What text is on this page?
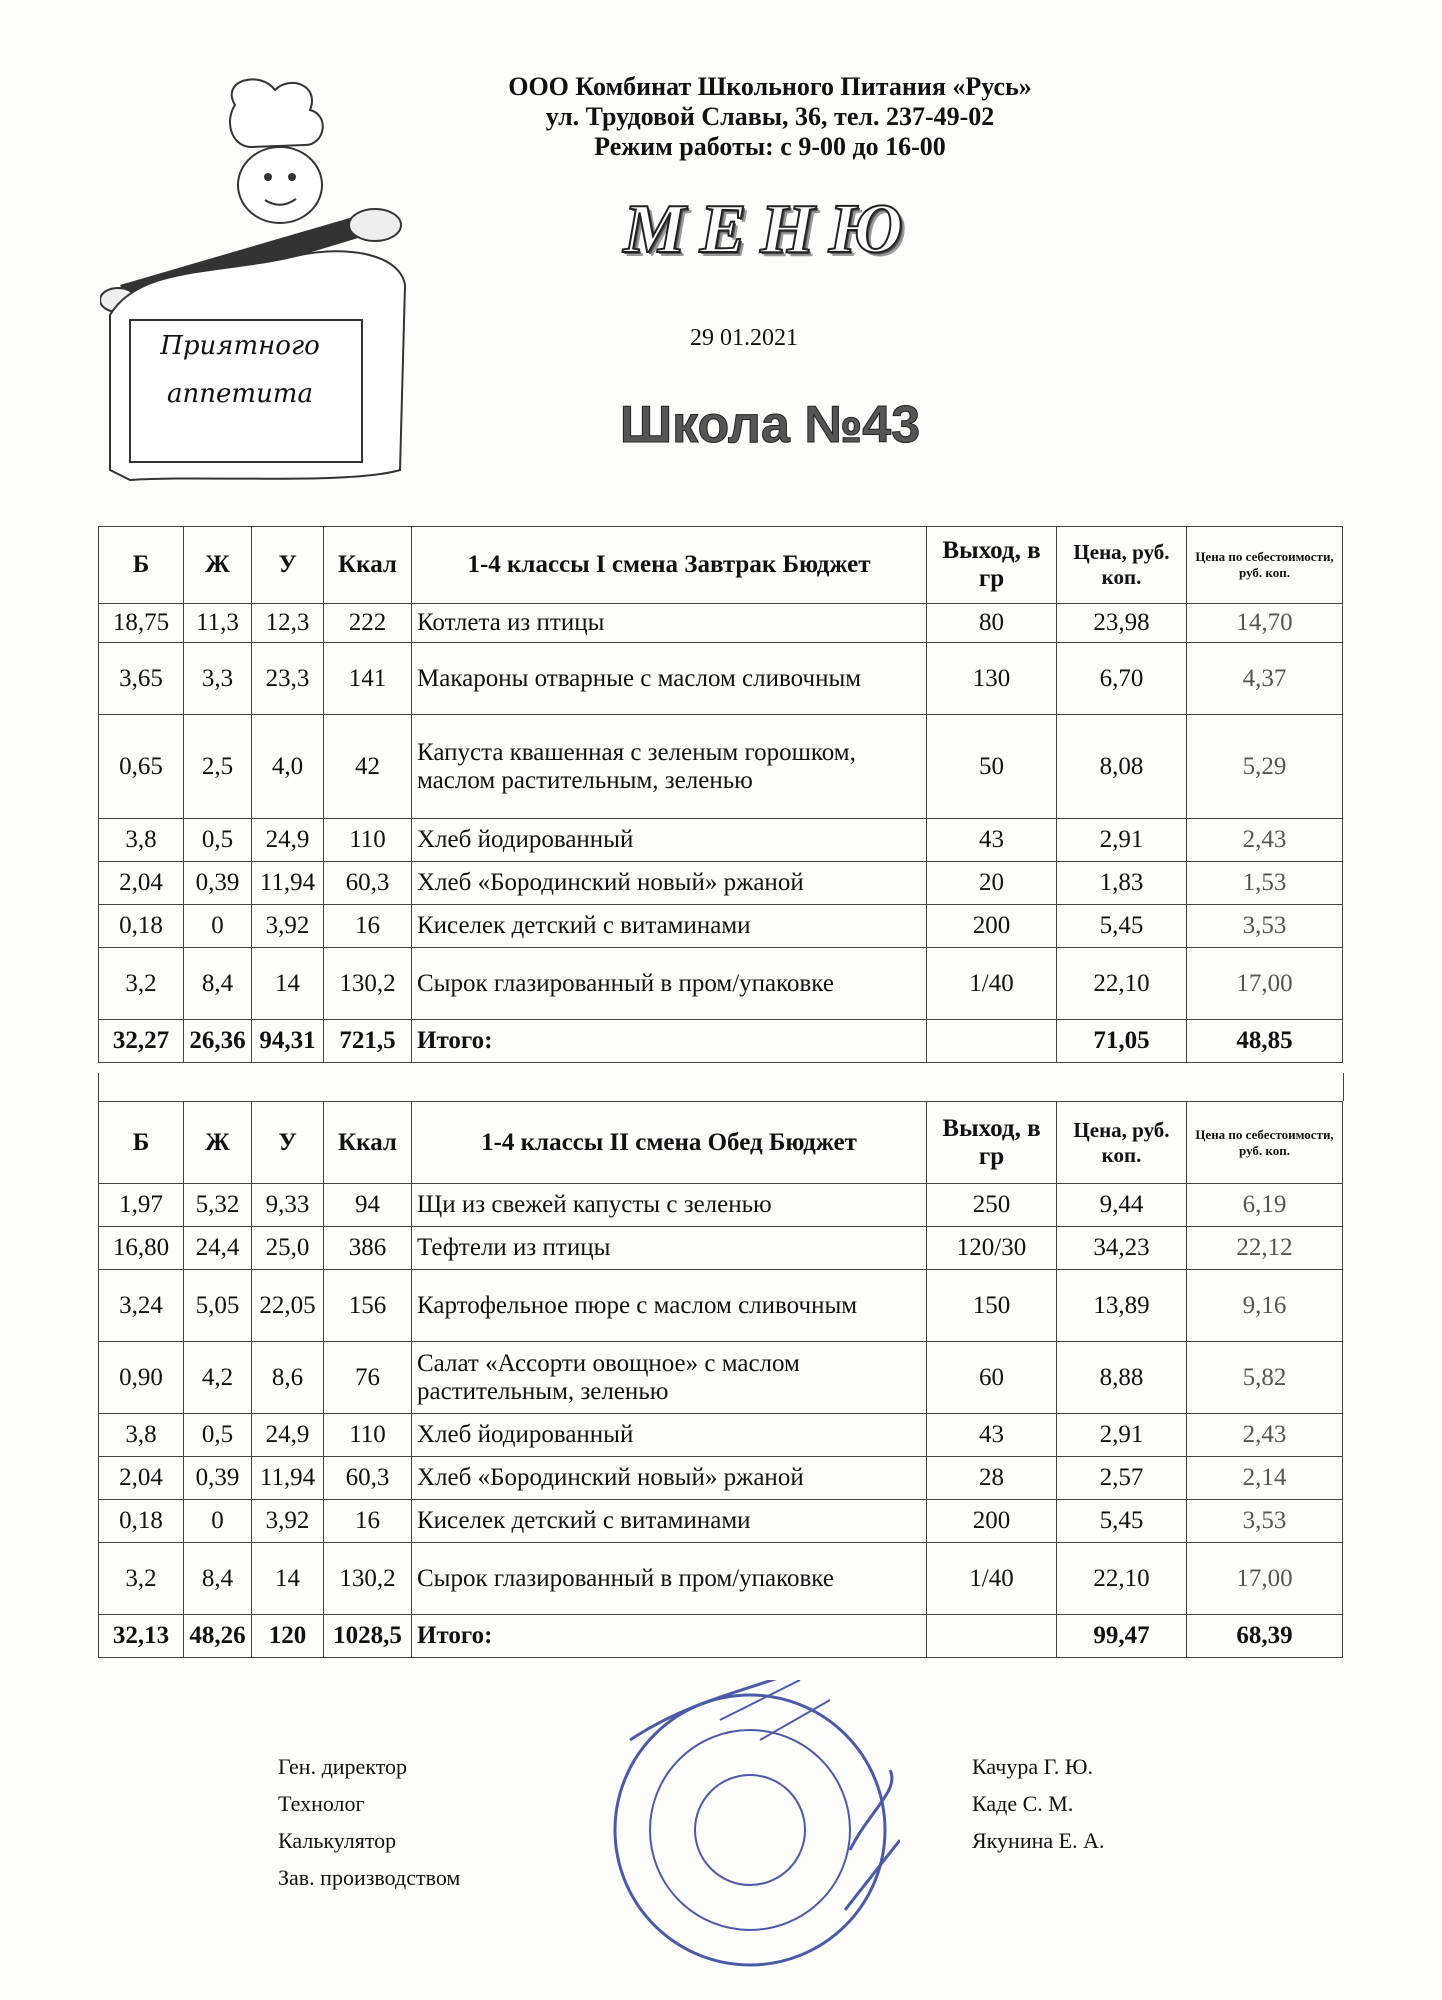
Приятного аппетита
ООО Комбинат Школьного Питания «Русь»
ул. Трудовой Славы, 36, тел. 237-49-02
Режим работы: с 9-00 до 16-00
МЕНЮ
29 01.2021
Школа №43
Б	Ж	У	Ккал	1-4 классы I смена Завтрак Бюджет	Выход, в гр	Цена, руб. коп.	Цена по себестоимости, руб. коп.
18,75	11,3	12,3	222	Котлета из птицы	80	23,98	14,70
3,65	3,3	23,3	141	Макароны отварные с маслом сливочным	130	6,70	4,37
0,65	2,5	4,0	42	Капуста квашенная с зеленым горошком, маслом растительным, зеленью	50	8,08	5,29
3,8	0,5	24,9	110	Хлеб йодированный	43	2,91	2,43
2,04	0,39	11,94	60,3	Хлеб «Бородинский новый» ржаной	20	1,83	1,53
0,18	0	3,92	16	Киселек детский с витаминами	200	5,45	3,53
3,2	8,4	14	130,2	Сырок глазированный в пром/упаковке	1/40	22,10	17,00
32,27	26,36	94,31	721,5	Итого:		71,05	48,85
Б	Ж	У	Ккал	1-4 классы II смена Обед Бюджет	Выход, в гр	Цена, руб. коп.	Цена по себестоимости, руб. коп.
1,97	5,32	9,33	94	Щи из свежей капусты с зеленью	250	9,44	6,19
16,80	24,4	25,0	386	Тефтели из птицы	120/30	34,23	22,12
3,24	5,05	22,05	156	Картофельное пюре с маслом сливочным	150	13,89	9,16
0,90	4,2	8,6	76	Салат «Ассорти овощное» с маслом растительным, зеленью	60	8,88	5,82
3,8	0,5	24,9	110	Хлеб йодированный	43	2,91	2,43
2,04	0,39	11,94	60,3	Хлеб «Бородинский новый» ржаной	28	2,57	2,14
0,18	0	3,92	16	Киселек детский с витаминами	200	5,45	3,53
3,2	8,4	14	130,2	Сырок глазированный в пром/упаковке	1/40	22,10	17,00
32,13	48,26	120	1028,5	Итого:		99,47	68,39
Ген. директор
Технолог
Калькулятор
Зав. производством
Качура Г. Ю.
Каде С. М.
Якунина Е. А.
